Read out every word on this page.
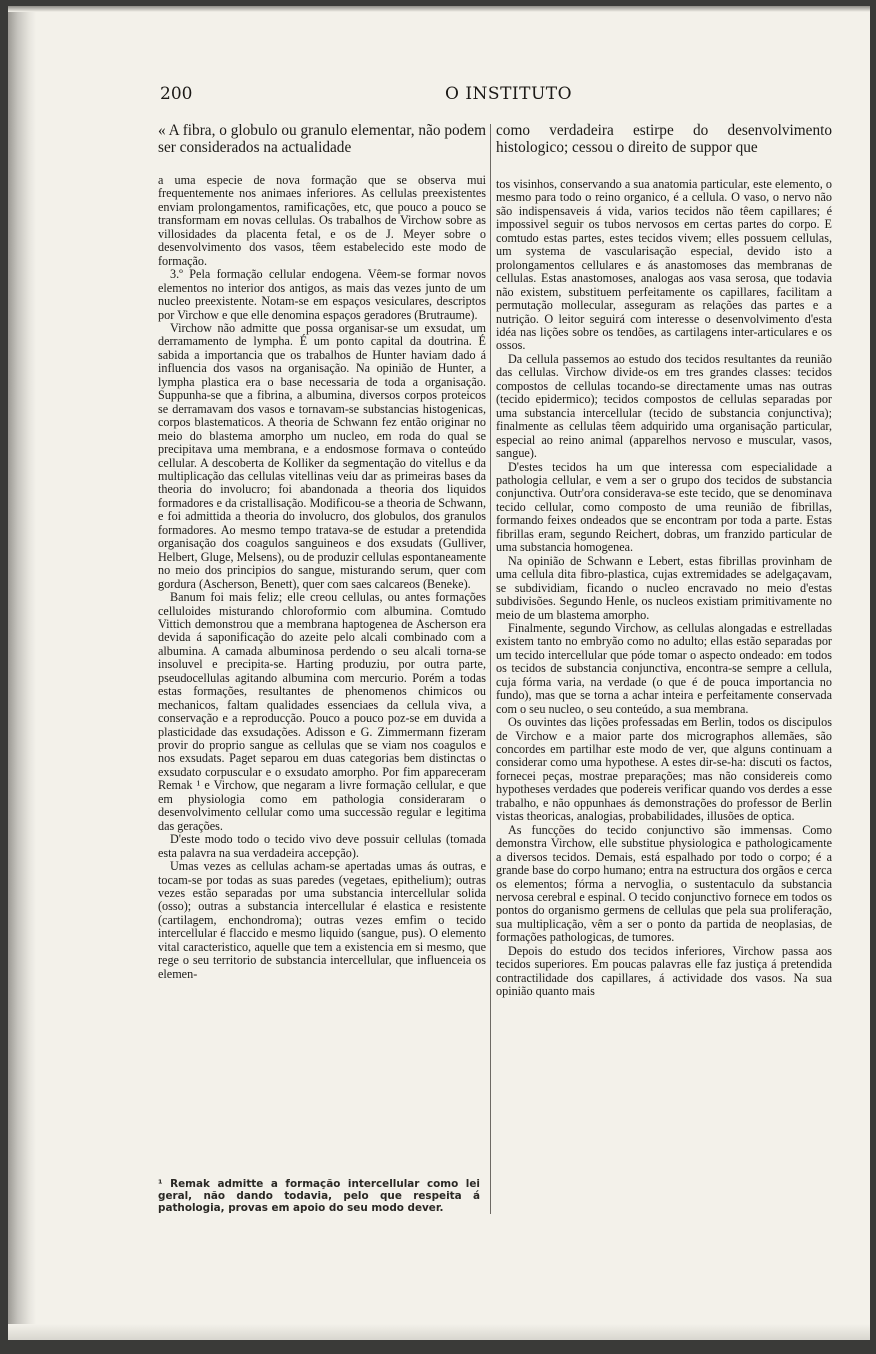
200	O INSTITUTO
« A fibra, o globulo ou granulo elementar, não podem ser considerados na actualidade

a uma especie de nova formação que se observa mui frequentemente nos animaes inferiores. As cellulas preexistentes enviam prolongamentos, ramificações, etc, que pouco a pouco se transformam em novas cellulas. Os trabalhos de Virchow sobre as villosidades da placenta fetal, e os de J. Meyer sobre o desenvolvimento dos vasos, têem estabelecido este modo de formação.

3.º Pela formação cellular endogena. Vêem-se formar novos elementos no interior dos antigos, as mais das vezes junto de um nucleo preexistente. Notam-se em espaços vesiculares, descriptos por Virchow e que elle denomina espaços geradores (Brutraume).

Virchow não admitte que possa organisar-se um exsudat, um derramamento de lympha. É um ponto capital da doutrina. É sabida a importancia que os trabalhos de Hunter haviam dado á influencia dos vasos na organisação. Na opinião de Hunter, a lympha plastica era o base necessaria de toda a organisação. Suppunha-se que a fibrina, a albumina, diversos corpos proteicos se derramavam dos vasos e tornavam-se substancias histogenicas, corpos blastematicos. A theoria de Schwann fez então originar no meio do blastema amorpho um nucleo, em roda do qual se precipitava uma membrana, e a endosmose formava o conteúdo cellular. A descoberta de Kolliker da segmentação do vitellus e da multiplicação das cellulas vitellinas veiu dar as primeiras bases da theoria do involucro; foi abandonada a theoria dos liquidos formadores e da cristallisação. Modificou-se a theoria de Schwann, e foi admittida a theoria do involucro, dos globulos, dos granulos formadores. Ao mesmo tempo tratava-se de estudar a pretendida organisação dos coagulos sanguineos e dos exsudats (Gulliver, Helbert, Gluge, Melsens), ou de produzir cellulas espontaneamente no meio dos principios do sangue, misturando serum, quer com gordura (Ascherson, Benett), quer com saes calcareos (Beneke).

Banum foi mais feliz; elle creou cellulas, ou antes formações celluloides misturando chloroformio com albumina. Comtudo Vittich demonstrou que a membrana haptogenea de Ascherson era devida á saponificação do azeite pelo alcali combinado com a albumina. A camada albuminosa perdendo o seu alcali torna-se insoluvel e precipita-se. Harting produziu, por outra parte, pseudocellulas agitando albumina com mercurio. Porém a todas estas formações, resultantes de phenomenos chimicos ou mechanicos, faltam qualidades essenciaes da cellula viva, a conservação e a reproducção. Pouco a pouco poz-se em duvida a plasticidade das exsudações. Adisson e G. Zimmermann fizeram provir do proprio sangue as cellulas que se viam nos coagulos e nos exsudats. Paget separou em duas categorias bem distinctas o exsudato corpuscular e o exsudato amorpho. Por fim appareceram Remak ¹ e Virchow, que negaram a livre formação cellular, e que em physiologia como em pathologia consideraram o desenvolvimento cellular como uma successão regular e legitima das gerações.

D'este modo todo o tecido vivo deve possuir cellulas (tomada esta palavra na sua verdadeira accepção).

Umas vezes as cellulas acham-se apertadas umas ás outras, e tocam-se por todas as suas paredes (vegetaes, epithelium); outras vezes estão separadas por uma substancia intercellular solida (osso); outras a substancia intercellular é elastica e resistente (cartilagem, enchondroma); outras vezes emfim o tecido intercellular é flaccido e mesmo liquido (sangue, pus). O elemento vital caracteristico, aquelle que tem a existencia em si mesmo, que rege o seu territorio de substancia intercellular, que influenceia os elemen-

como verdadeira estirpe do desenvolvimento histologico; cessou o direito de suppor que

tos visinhos, conservando a sua anatomia particular, este elemento, o mesmo para todo o reino organico, é a cellula. O vaso, o nervo não são indispensaveis á vida, varios tecidos não têem capillares; é impossivel seguir os tubos nervosos em certas partes do corpo. E comtudo estas partes, estes tecidos vivem; elles possuem cellulas, um systema de vascularisação especial, devido isto a prolongamentos cellulares e ás anastomoses das membranas de cellulas. Estas anastomoses, analogas aos vasa serosa, que todavia não existem, substituem perfeitamente os capillares, facilitam a permutação mollecular, asseguram as relações das partes e a nutrição. O leitor seguirá com interesse o desenvolvimento d'esta idéa nas lições sobre os tendões, as cartilagens inter-articulares e os ossos.

Da cellula passemos ao estudo dos tecidos resultantes da reunião das cellulas. Virchow divide-os em tres grandes classes: tecidos compostos de cellulas tocando-se directamente umas nas outras (tecido epidermico); tecidos compostos de cellulas separadas por uma substancia intercellular (tecido de substancia conjunctiva); finalmente as cellulas têem adquirido uma organisação particular, especial ao reino animal (apparelhos nervoso e muscular, vasos, sangue).

D'estes tecidos ha um que interessa com especialidade a pathologia cellular, e vem a ser o grupo dos tecidos de substancia conjunctiva. Outr'ora considerava-se este tecido, que se denominava tecido cellular, como composto de uma reunião de fibrillas, formando feixes ondeados que se encontram por toda a parte. Estas fibrillas eram, segundo Reichert, dobras, um franzido particular de uma substancia homogenea.

Na opinião de Schwann e Lebert, estas fibrillas provinham de uma cellula dita fibro-plastica, cujas extremidades se adelgaçavam, se subdividiam, ficando o nucleo encravado no meio d'estas subdivisões. Segundo Henle, os nucleos existiam primitivamente no meio de um blastema amorpho.

Finalmente, segundo Virchow, as cellulas alongadas e estrelladas existem tanto no embryão como no adulto; ellas estão separadas por um tecido intercellular que póde tomar o aspecto ondeado: em todos os tecidos de substancia conjunctiva, encontra-se sempre a cellula, cuja fórma varia, na verdade (o que é de pouca importancia no fundo), mas que se torna a achar inteira e perfeitamente conservada com o seu nucleo, o seu conteúdo, a sua membrana.

Os ouvintes das lições professadas em Berlin, todos os discipulos de Virchow e a maior parte dos micrographos allemães, são concordes em partilhar este modo de ver, que alguns continuam a considerar como uma hypothese. A estes dir-se-ha: discuti os factos, fornecei peças, mostrae preparações; mas não considereis como hypotheses verdades que podereis verificar quando vos derdes a esse trabalho, e não oppunhaes ás demonstrações do professor de Berlin vistas theoricas, analogias, probabilidades, illusões de optica.

As funcções do tecido conjunctivo são immensas. Como demonstra Virchow, elle substitue physiologica e pathologicamente a diversos tecidos. Demais, está espalhado por todo o corpo; é a grande base do corpo humano; entra na estructura dos orgãos e cerca os elementos; fórma a nervoglia, o sustentaculo da substancia nervosa cerebral e espinal. O tecido conjunctivo fornece em todos os pontos do organismo germens de cellulas que pela sua proliferação, sua multiplicação, vêm a ser o ponto da partida de neoplasias, de formações pathologicas, de tumores.

Depois do estudo dos tecidos inferiores, Virchow passa aos tecidos superiores. Em poucas palavras elle faz justiça á pretendida contractilidade dos capillares, á actividade dos vasos. Na sua opinião quanto mais

¹ Remak admitte a formação intercellular como lei geral, não dando todavia, pelo que respeita á pathologia, provas em apoio do seu modo dever.
